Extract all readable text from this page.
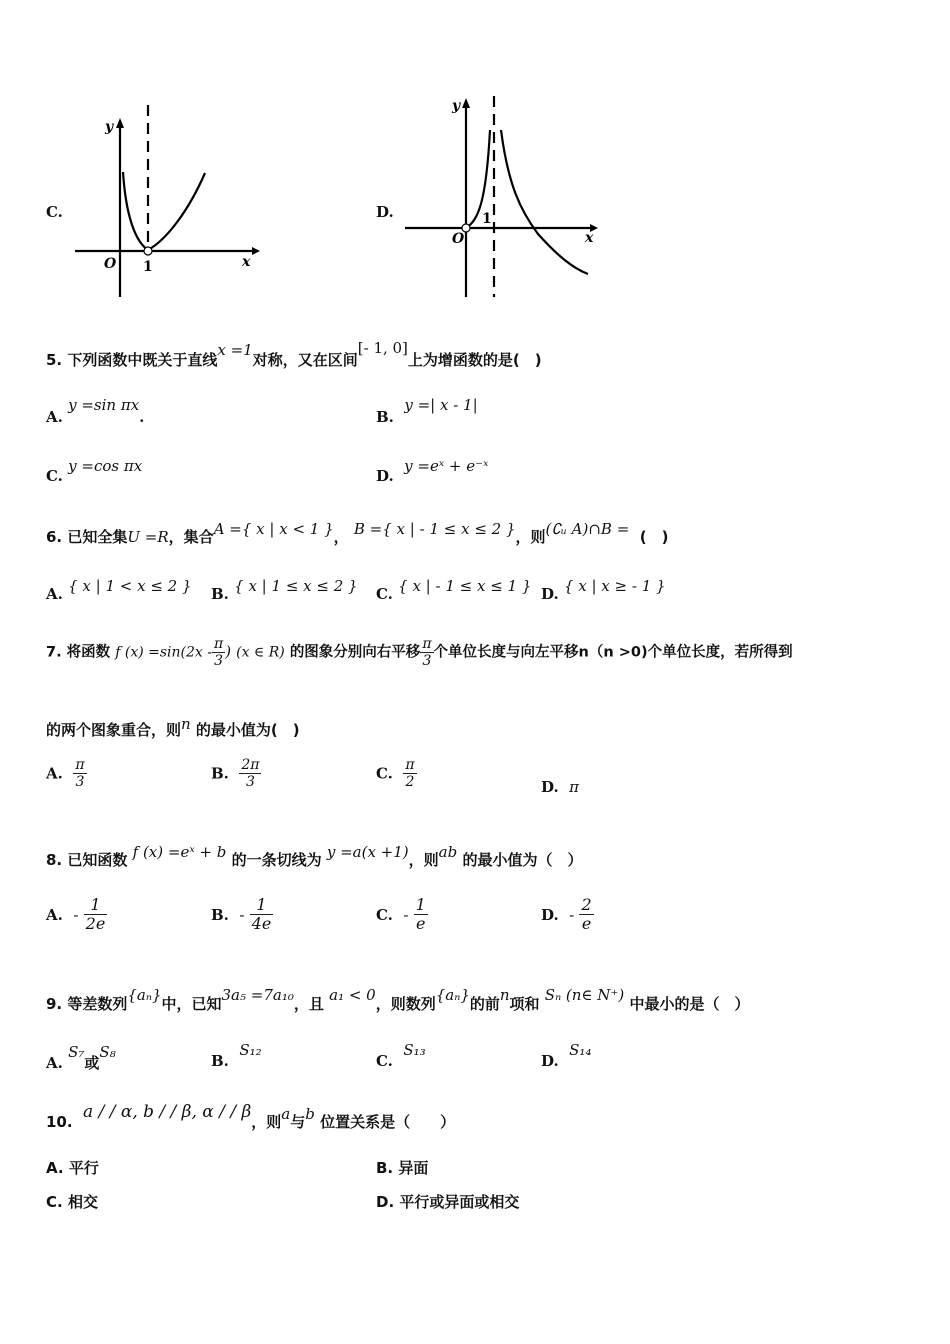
C.
y
x
O 1
D.
y
x
O
1
5. 下列函数中既关于直线x =1对称，又在区间[- 1, 0]上为增函数的是(　)
A. y =sin πx.	B.  y =| x - 1|
C. y =cos πx
D.  y =eˣ + e⁻ˣ
6. 已知全集U =R，集合A ={ x | x < 1 }， B ={ x | - 1 ≤ x ≤ 2 }，则(∁ᵤ A)∩B = (　)
A. { x | 1 < x ≤ 2 } B. { x | 1 ≤ x ≤ 2 } C. { x | - 1 ≤ x ≤ 1 } D. { x | x ≥ - 1 }
7. 将函数 f $(x) =\sin(2x - \frac{\pi}{3}$ ) (x ∈ R) 的图象分别向右平移 $\frac{\pi}{3}$ 个单位长度与向左平移n（n >0)个单位长度，若所得到
的两个图象重合，则n 的最小值为(　)
A. $\frac{\pi}{3}$	B. $\frac{2\pi}{3}$	C. $\frac{\pi}{2}$	D. π
8. 已知函数 f (x) =eˣ + b 的一条切线为 y =a(x +1)，则ab 的最小值为（　）
A. - $\frac{1}{2e}$	B. - $\frac{1}{4e}$	C. - $\frac{1}{e}$	D. - $\frac{2}{e}$
9. 等差数列{aₙ}中，已知3a₅ =7a₁₀，且 a₁ < 0，则数列{aₙ}的前n项和 Sₙ (n∈ N⁺) 中最小的是（　）
A. S₇或S₈	B.  S₁₂
C.  S₁₃
D.  S₁₄
10. a / / α, b / / β, α / / β，则a与b 位置关系是（　　）
A. 平行	B. 异面
C. 相交	D. 平行或异面或相交
